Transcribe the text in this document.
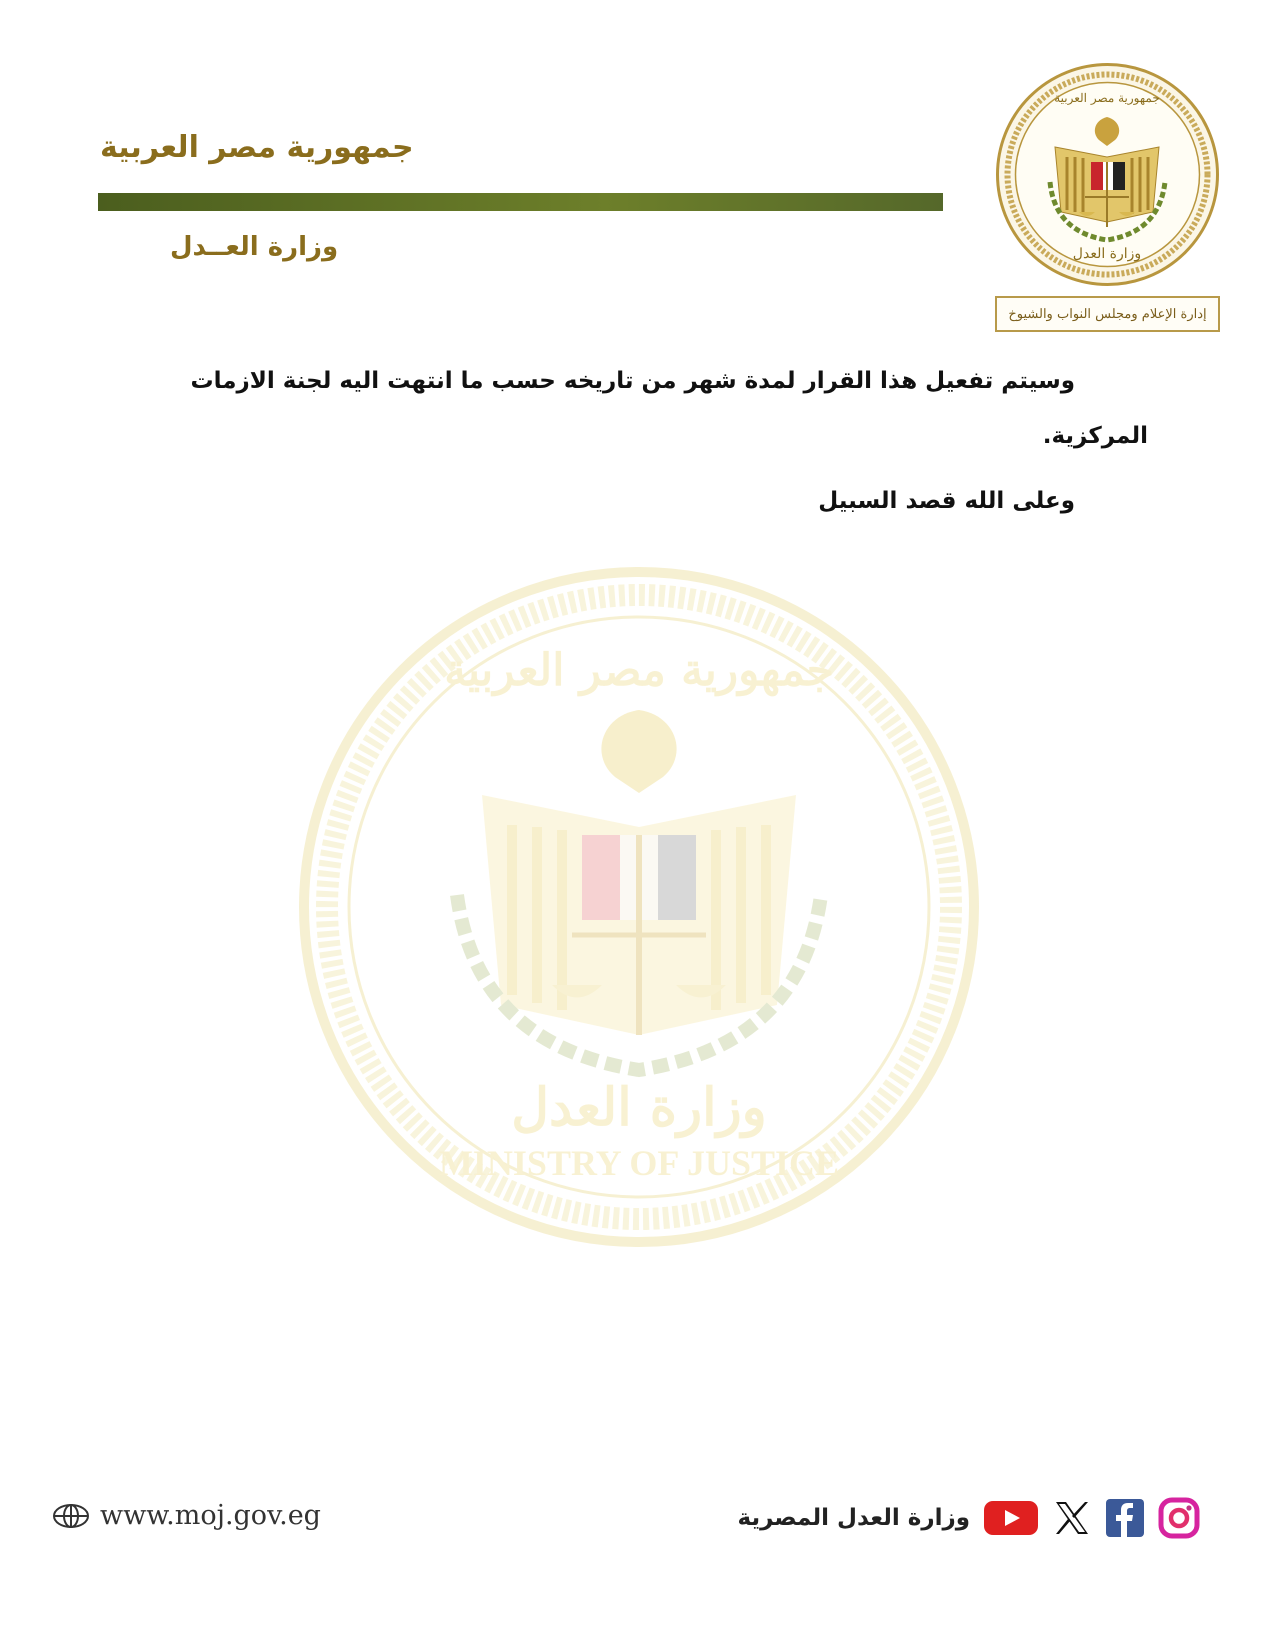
جمهورية مصر العربية
وزارة العــدل	وزارة العدل
جمهورية مصر العربية
إدارة الإعلام ومجلس النواب والشيوخ
وسيتم تفعيل هذا القرار لمدة شهر من تاريخه حسب ما انتهت اليه لجنة الازمات
المركزية.
وعلى الله قصد السبيل
جمهورية مصر العربية
وزارة العدل
MINISTRY OF JUSTICE
www.moj.gov.eg	وزارة العدل المصرية
